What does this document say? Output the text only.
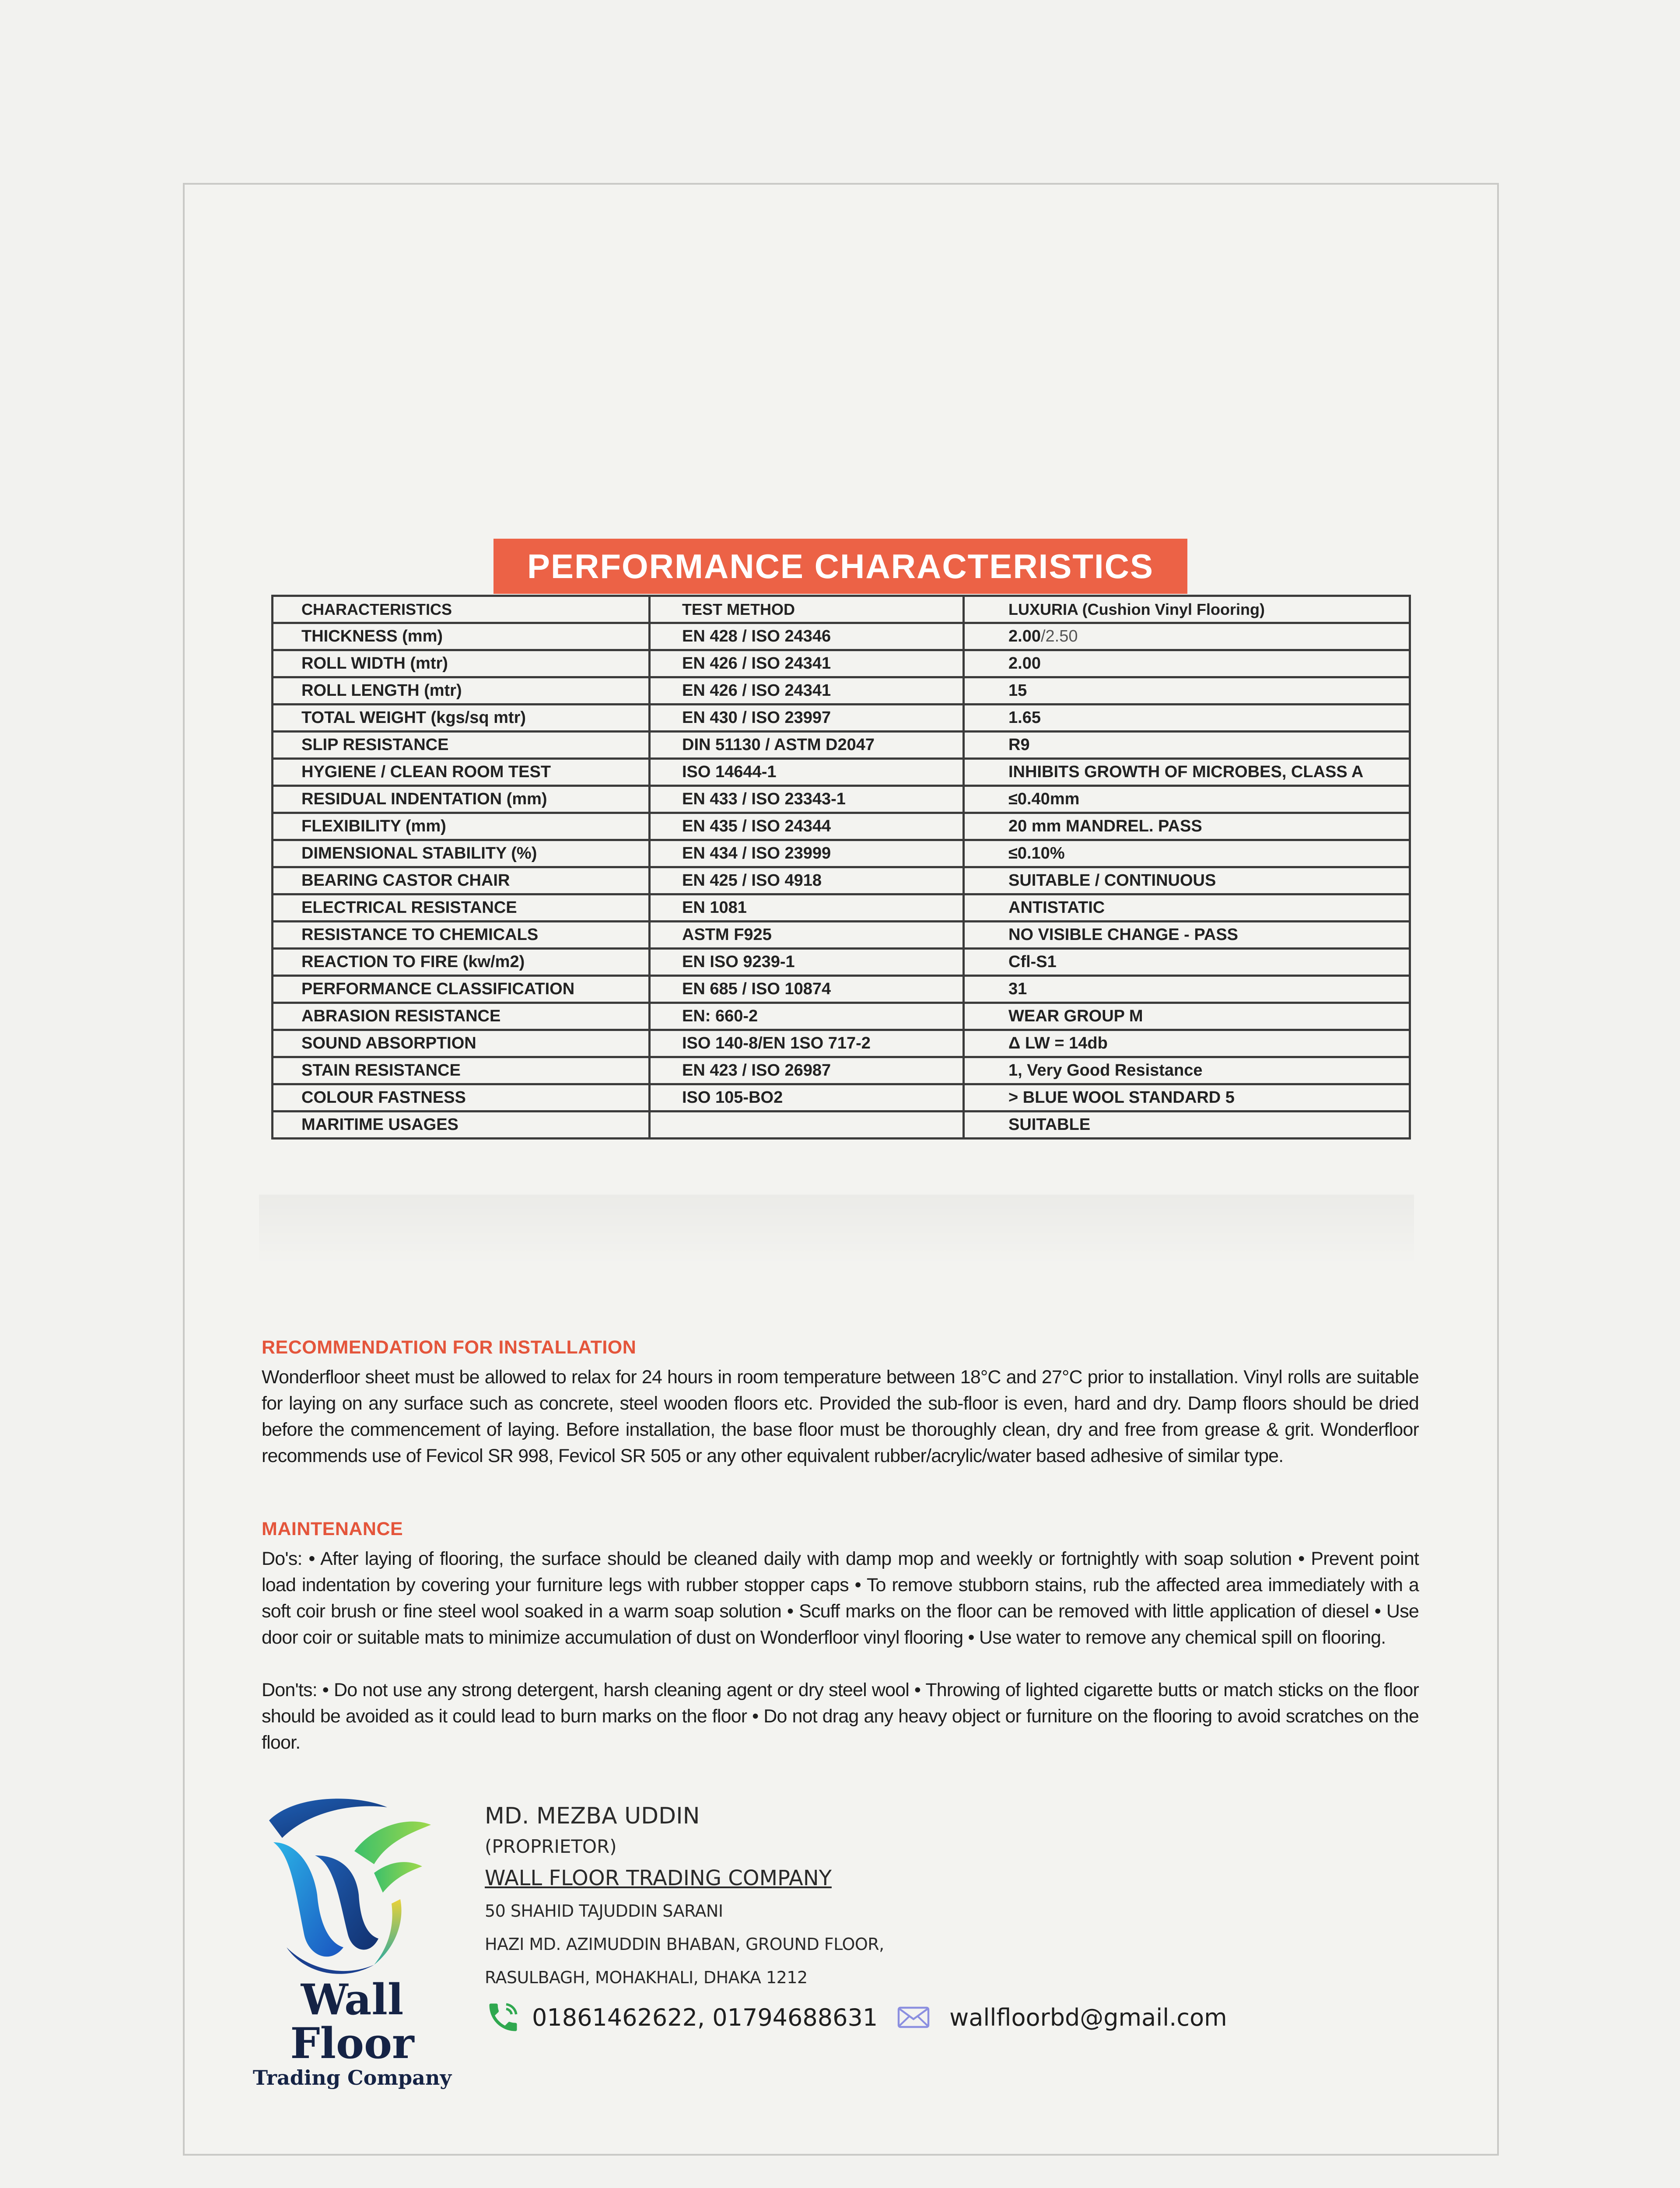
PERFORMANCE CHARACTERISTICS
CHARACTERISTICS	TEST METHOD	LUXURIA (Cushion Vinyl Flooring)
THICKNESS (mm)	EN 428 / ISO 24346	2.00/2.50
ROLL WIDTH (mtr)	EN 426 / ISO 24341	2.00
ROLL LENGTH (mtr)	EN 426 / ISO 24341	15
TOTAL WEIGHT (kgs/sq mtr)	EN 430 / ISO 23997	1.65
SLIP RESISTANCE	DIN 51130 / ASTM D2047	R9
HYGIENE / CLEAN ROOM TEST	ISO 14644-1	INHIBITS GROWTH OF MICROBES, CLASS A
RESIDUAL INDENTATION (mm)	EN 433 / ISO 23343-1	≤0.40mm
FLEXIBILITY (mm)	EN 435 / ISO 24344	20 mm MANDREL. PASS
DIMENSIONAL STABILITY (%)	EN 434 / ISO 23999	≤0.10%
BEARING CASTOR CHAIR	EN 425 / ISO 4918	SUITABLE / CONTINUOUS
ELECTRICAL RESISTANCE	EN 1081	ANTISTATIC
RESISTANCE TO CHEMICALS	ASTM F925	NO VISIBLE CHANGE - PASS
REACTION TO FIRE (kw/m2)	EN ISO 9239-1	Cfl-S1
PERFORMANCE CLASSIFICATION	EN 685 / ISO 10874	31
ABRASION RESISTANCE	EN: 660-2	WEAR GROUP M
SOUND ABSORPTION	ISO 140-8/EN 1SO 717-2	Δ LW = 14db
STAIN RESISTANCE	EN 423 / ISO 26987	1, Very Good Resistance
COLOUR FASTNESS	ISO 105-BO2	> BLUE WOOL STANDARD 5
MARITIME USAGES		SUITABLE
RECOMMENDATION FOR INSTALLATION
Wonderfloor sheet must be allowed to relax for 24 hours in room temperature between 18°C and 27°C prior to installation. Vinyl rolls are suitable for laying on any surface such as concrete, steel wooden floors etc. Provided the sub-floor is even, hard and dry. Damp floors should be dried before the commencement of laying. Before installation, the base floor must be thoroughly clean, dry and free from grease & grit. Wonderfloor recommends use of Fevicol SR 998, Fevicol SR 505 or any other equivalent rubber/acrylic/water based adhesive of similar type.
MAINTENANCE
Do's: • After laying of flooring, the surface should be cleaned daily with damp mop and weekly or fortnightly with soap solution • Prevent point load indentation by covering your furniture legs with rubber stopper caps • To remove stubborn stains, rub the affected area immediately with a soft coir brush or fine steel wool soaked in a warm soap solution • Scuff marks on the floor can be removed with little application of diesel • Use door coir or suitable mats to minimize accumulation of dust on Wonderfloor vinyl flooring • Use water to remove any chemical spill on flooring.
Don'ts: • Do not use any strong detergent, harsh cleaning agent or dry steel wool • Throwing of lighted cigarette butts or match sticks on the floor should be avoided as it could lead to burn marks on the floor • Do not drag any heavy object or furniture on the flooring to avoid scratches on the floor.
Wall Floor
Trading Company
MD. MEZBA UDDIN
(PROPRIETOR)
WALL FLOOR TRADING COMPANY
50 SHAHID TAJUDDIN SARANI
HAZI MD. AZIMUDDIN BHABAN, GROUND FLOOR,
RASULBAGH, MOHAKHALI, DHAKA 1212
01861462622, 01794688631	wallfloorbd@gmail.com
